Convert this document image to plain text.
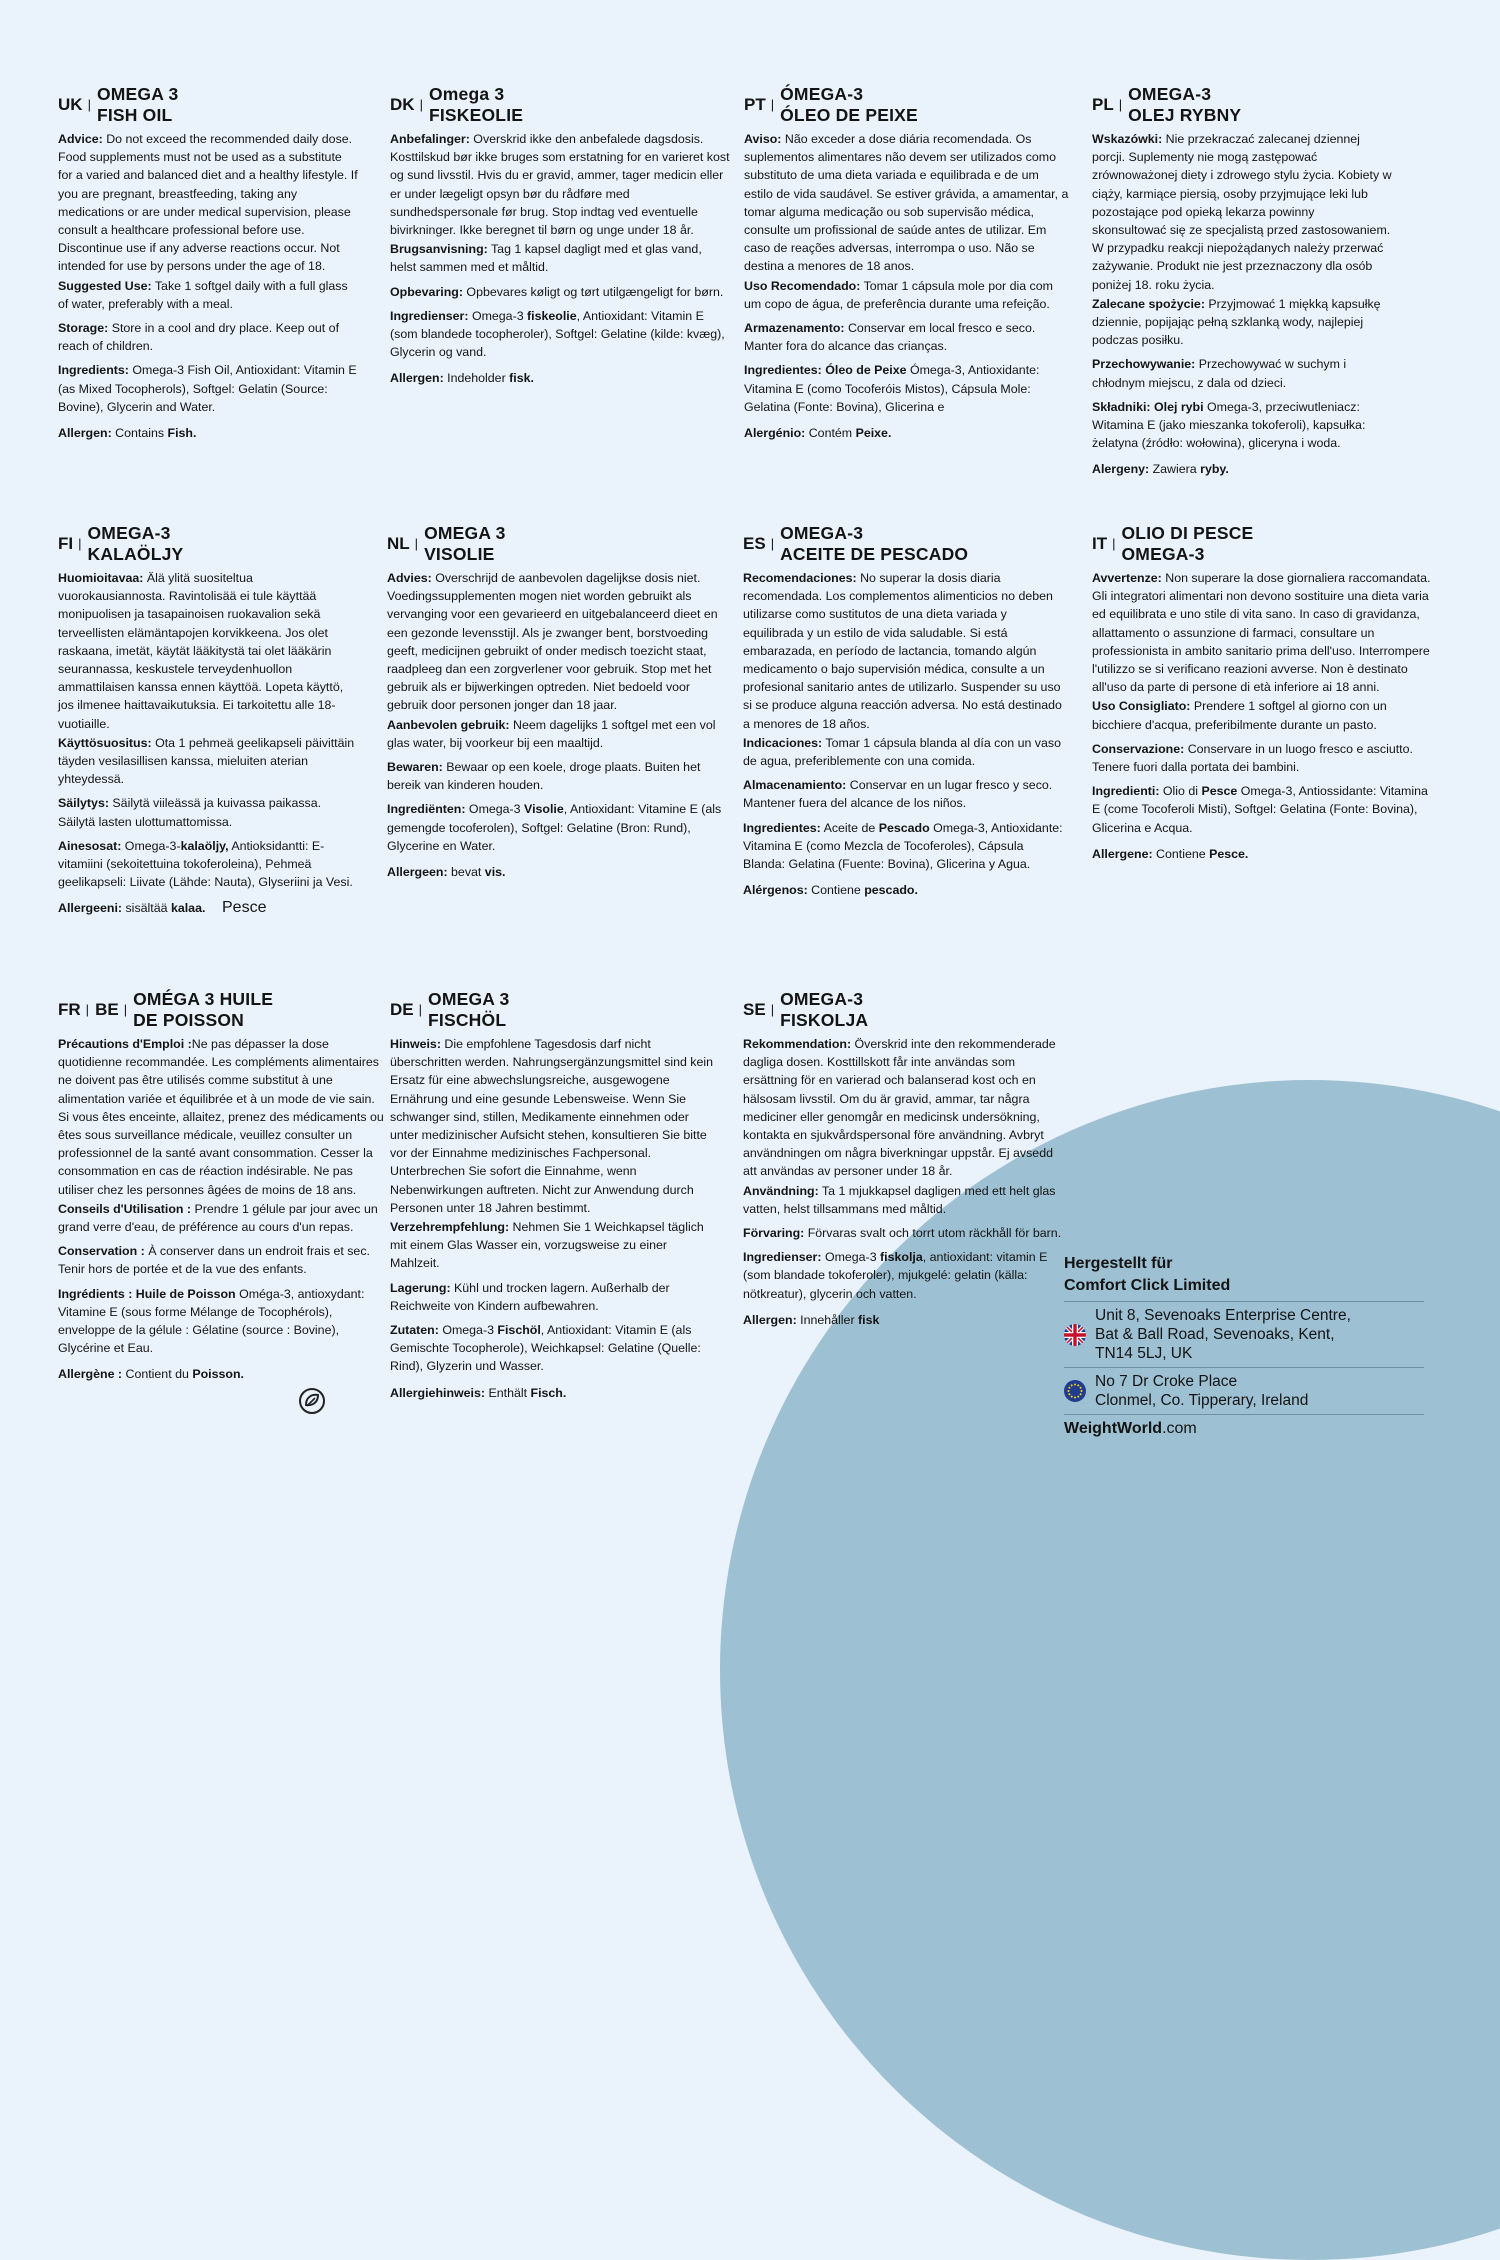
UK |
OMEGA 3
FISH OIL
Advice: Do not exceed the recommended daily dose. Food supplements must not be used as a substitute for a varied and balanced diet and a healthy lifestyle. If you are pregnant, breastfeeding, taking any medications or are under medical supervision, please consult a healthcare professional before use. Discontinue use if any adverse reactions occur. Not intended for use by persons under the age of 18.
Suggested Use: Take 1 softgel daily with a full glass of water, preferably with a meal.
Storage: Store in a cool and dry place. Keep out of reach of children.
Ingredients: Omega-3 Fish Oil, Antioxidant: Vitamin E (as Mixed Tocopherols), Softgel: Gelatin (Source: Bovine), Glycerin and Water.
Allergen: Contains Fish.
DK |
Omega 3
FISKEOLIE
Anbefalinger: Overskrid ikke den anbefalede dagsdosis. Kosttilskud bør ikke bruges som erstatning for en varieret kost og sund livsstil. Hvis du er gravid, ammer, tager medicin eller er under lægeligt opsyn bør du rådføre med sundhedspersonale før brug. Stop indtag ved eventuelle bivirkninger. Ikke beregnet til børn og unge under 18 år.
Brugsanvisning: Tag 1 kapsel dagligt med et glas vand, helst sammen med et måltid.
Opbevaring: Opbevares køligt og tørt utilgængeligt for børn.
Ingredienser: Omega-3 fiskeolie, Antioxidant: Vitamin E (som blandede tocopheroler), Softgel: Gelatine (kilde: kvæg), Glycerin og vand.
Allergen: Indeholder fisk.
PT |
ÓMEGA-3
ÓLEO DE PEIXE
Aviso: Não exceder a dose diária recomendada. Os suplementos alimentares não devem ser utilizados como substituto de uma dieta variada e equilibrada e de um estilo de vida saudável. Se estiver grávida, a amamentar, a tomar alguma medicação ou sob supervisão médica, consulte um profissional de saúde antes de utilizar. Em caso de reações adversas, interrompa o uso. Não se destina a menores de 18 anos.
Uso Recomendado: Tomar 1 cápsula mole por dia com um copo de água, de preferência durante uma refeição.
Armazenamento: Conservar em local fresco e seco. Manter fora do alcance das crianças.
Ingredientes: Óleo de Peixe Ómega-3, Antioxidante: Vitamina E (como Tocoferóis Mistos), Cápsula Mole: Gelatina (Fonte: Bovina), Glicerina e
Alergénio: Contém Peixe.
PL |
OMEGA-3
OLEJ RYBNY
Wskazówki: Nie przekraczać zalecanej dziennej porcji. Suplementy nie mogą zastępować zrównoważonej diety i zdrowego stylu życia. Kobiety w ciąży, karmiące piersią, osoby przyjmujące leki lub pozostające pod opieką lekarza powinny skonsultować się ze specjalistą przed zastosowaniem. W przypadku reakcji niepożądanych należy przerwać zażywanie. Produkt nie jest przeznaczony dla osób poniżej 18. roku życia.
Zalecane spożycie: Przyjmować 1 miękką kapsułkę dziennie, popijając pełną szklanką wody, najlepiej podczas posiłku.
Przechowywanie: Przechowywać w suchym i chłodnym miejscu, z dala od dzieci.
Składniki: Olej rybi Omega-3, przeciwutleniacz: Witamina E (jako mieszanka tokoferoli), kapsułka: żelatyna (źródło: wołowina), gliceryna i woda.
Alergeny: Zawiera ryby.
FI |
OMEGA-3
KALAÖLJY
Huomioitavaa: Älä ylitä suositeltua vuorokausiannosta. Ravintolisää ei tule käyttää monipuolisen ja tasapainoisen ruokavalion sekä terveellisten elämäntapojen korvikkeena. Jos olet raskaana, imetät, käytät lääkitystä tai olet lääkärin seurannassa, keskustele terveydenhuollon ammattilaisen kanssa ennen käyttöä. Lopeta käyttö, jos ilmenee haittavaikutuksia. Ei tarkoitettu alle 18-vuotiaille.
Käyttösuositus: Ota 1 pehmeä geelikapseli päivittäin täyden vesilasillisen kanssa, mieluiten aterian yhteydessä.
Säilytys: Säilytä viileässä ja kuivassa paikassa. Säilytä lasten ulottumattomissa.
Ainesosat: Omega-3-kalaöljy, Antioksidantti: E-vitamiini (sekoitettuina tokoferoleina), Pehmeä geelikapseli: Liivate (Lähde: Nauta), Glyseriini ja Vesi.
Allergeeni: sisältää kalaa.
NL |
OMEGA 3
VISOLIE
Advies: Overschrijd de aanbevolen dagelijkse dosis niet. Voedingssupplementen mogen niet worden gebruikt als vervanging voor een gevarieerd en uitgebalanceerd dieet en een gezonde levensstijl. Als je zwanger bent, borstvoeding geeft, medicijnen gebruikt of onder medisch toezicht staat, raadpleeg dan een zorgverlener voor gebruik. Stop met het gebruik als er bijwerkingen optreden. Niet bedoeld voor gebruik door personen jonger dan 18 jaar.
Aanbevolen gebruik: Neem dagelijks 1 softgel met een vol glas water, bij voorkeur bij een maaltijd.
Bewaren: Bewaar op een koele, droge plaats. Buiten het bereik van kinderen houden.
Ingrediënten: Omega-3 Visolie, Antioxidant: Vitamine E (als gemengde tocoferolen), Softgel: Gelatine (Bron: Rund), Glycerine en Water.
Allergeen: bevat vis.
ES |
OMEGA-3
ACEITE DE PESCADO
Recomendaciones: No superar la dosis diaria recomendada. Los complementos alimenticios no deben utilizarse como sustitutos de una dieta variada y equilibrada y un estilo de vida saludable. Si está embarazada, en período de lactancia, tomando algún medicamento o bajo supervisión médica, consulte a un profesional sanitario antes de utilizarlo. Suspender su uso si se produce alguna reacción adversa. No está destinado a menores de 18 años.
Indicaciones: Tomar 1 cápsula blanda al día con un vaso de agua, preferiblemente con una comida.
Almacenamiento: Conservar en un lugar fresco y seco. Mantener fuera del alcance de los niños.
Ingredientes: Aceite de Pescado Omega-3, Antioxidante: Vitamina E (como Mezcla de Tocoferoles), Cápsula Blanda: Gelatina (Fuente: Bovina), Glicerina y Agua.
Alérgenos: Contiene pescado.
IT |
OLIO DI PESCE
OMEGA-3
Avvertenze: Non superare la dose giornaliera raccomandata. Gli integratori alimentari non devono sostituire una dieta varia ed equilibrata e uno stile di vita sano. In caso di gravidanza, allattamento o assunzione di farmaci, consultare un professionista in ambito sanitario prima dell'uso. Interrompere l'utilizzo se si verificano reazioni avverse. Non è destinato all'uso da parte di persone di età inferiore ai 18 anni.
Uso Consigliato: Prendere 1 softgel al giorno con un bicchiere d'acqua, preferibilmente durante un pasto.
Conservazione: Conservare in un luogo fresco e asciutto. Tenere fuori dalla portata dei bambini.
Ingredienti: Olio di Pesce Omega-3, Antiossidante: Vitamina E (come Tocoferoli Misti), Softgel: Gelatina (Fonte: Bovina), Glicerina e Acqua.
Allergene: Contiene Pesce.
FR | BE |
OMÉGA 3 HUILE
DE POISSON
Précautions d'Emploi :Ne pas dépasser la dose quotidienne recommandée. Les compléments alimentaires ne doivent pas être utilisés comme substitut à une alimentation variée et équilibrée et à un mode de vie sain. Si vous êtes enceinte, allaitez, prenez des médicaments ou êtes sous surveillance médicale, veuillez consulter un professionnel de la santé avant consommation. Cesser la consommation en cas de réaction indésirable. Ne pas utiliser chez les personnes âgées de moins de 18 ans.
Conseils d'Utilisation : Prendre 1 gélule par jour avec un grand verre d'eau, de préférence au cours d'un repas.
Conservation : À conserver dans un endroit frais et sec. Tenir hors de portée et de la vue des enfants.
Ingrédients : Huile de Poisson Oméga-3, antioxydant: Vitamine E (sous forme Mélange de Tocophérols), enveloppe de la gélule : Gélatine (source : Bovine), Glycérine et Eau.
Allergène : Contient du Poisson.
DE |
OMEGA 3
FISCHÖL
Hinweis: Die empfohlene Tagesdosis darf nicht überschritten werden. Nahrungsergänzungsmittel sind kein Ersatz für eine abwechslungsreiche, ausgewogene Ernährung und eine gesunde Lebensweise. Wenn Sie schwanger sind, stillen, Medikamente einnehmen oder unter medizinischer Aufsicht stehen, konsultieren Sie bitte vor der Einnahme medizinisches Fachpersonal. Unterbrechen Sie sofort die Einnahme, wenn Nebenwirkungen auftreten. Nicht zur Anwendung durch Personen unter 18 Jahren bestimmt.
Verzehrempfehlung: Nehmen Sie 1 Weichkapsel täglich mit einem Glas Wasser ein, vorzugsweise zu einer Mahlzeit.
Lagerung: Kühl und trocken lagern. Außerhalb der Reichweite von Kindern aufbewahren.
Zutaten: Omega-3 Fischöl, Antioxidant: Vitamin E (als Gemischte Tocopherole), Weichkapsel: Gelatine (Quelle: Rind), Glyzerin und Wasser.
Allergiehinweis: Enthält Fisch.
SE |
OMEGA-3
FISKOLJA
Rekommendation: Överskrid inte den rekommenderade dagliga dosen. Kosttillskott får inte användas som ersättning för en varierad och balanserad kost och en hälsosam livsstil. Om du är gravid, ammar, tar några mediciner eller genomgår en medicinsk undersökning, kontakta en sjukvårdspersonal före användning. Avbryt användningen om några biverkningar uppstår. Ej avsedd att användas av personer under 18 år.
Användning: Ta 1 mjukkapsel dagligen med ett helt glas vatten, helst tillsammans med måltid.
Förvaring: Förvaras svalt och torrt utom räckhåll för barn.
Ingredienser: Omega-3 fiskolja, antioxidant: vitamin E (som blandade tokoferoler), mjukgelé: gelatin (källa: nötkreatur), glycerin och vatten.
Allergen: Innehåller fisk
Pesce
Hergestellt für
Comfort Click Limited
Unit 8, Sevenoaks Enterprise Centre,
Bat & Ball Road, Sevenoaks, Kent,
TN14 5LJ, UK
No 7 Dr Croke Place
Clonmel, Co. Tipperary, Ireland
WeightWorld.com
